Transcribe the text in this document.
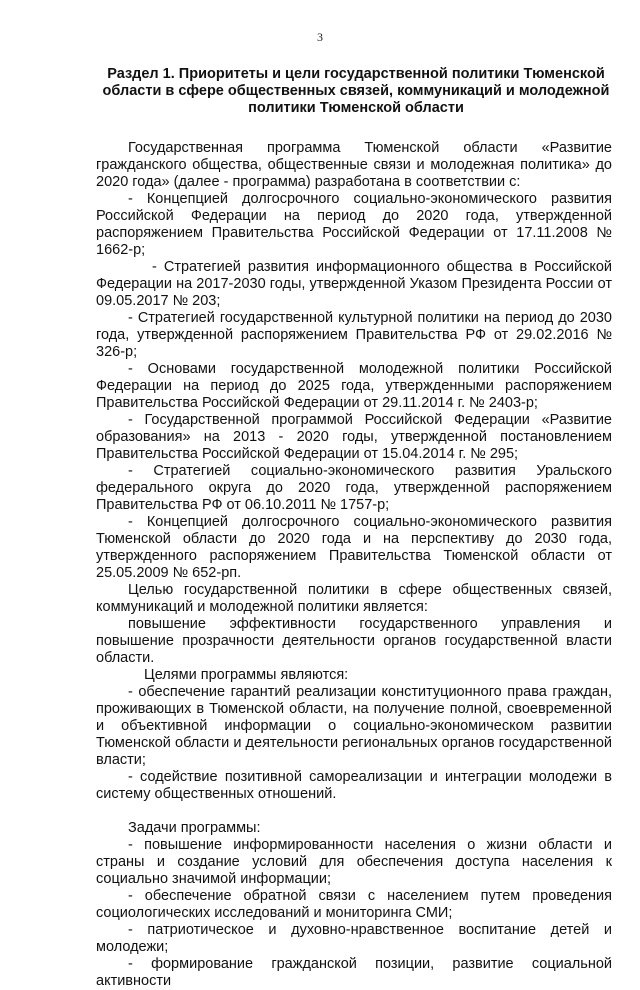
3
Раздел 1. Приоритеты и цели государственной политики Тюменской области в сфере общественных связей, коммуникаций и молодежной политики Тюменской области

Государственная программа Тюменской области «Развитие гражданского общества, общественные связи и молодежная политика» до 2020 года» (далее - программа) разработана в соответствии с:

- Концепцией долгосрочного социально-экономического развития Российской Федерации на период до 2020 года, утвержденной распоряжением Правительства Российской Федерации от 17.11.2008 № 1662-р;

- Стратегией развития информационного общества в Российской Федерации на 2017-2030 годы, утвержденной Указом Президента России от 09.05.2017 № 203;

- Стратегией государственной культурной политики на период до 2030 года, утвержденной распоряжением Правительства РФ от 29.02.2016 № 326-р;

- Основами государственной молодежной политики Российской Федерации на период до 2025 года, утвержденными распоряжением Правительства Российской Федерации от 29.11.2014 г. № 2403-р;

- Государственной программой Российской Федерации «Развитие образования» на 2013 - 2020 годы, утвержденной постановлением Правительства Российской Федерации от 15.04.2014 г. № 295;

- Стратегией социально-экономического развития Уральского федерального округа до 2020 года, утвержденной распоряжением Правительства РФ от 06.10.2011 № 1757-р;

- Концепцией долгосрочного социально-экономического развития Тюменской области до 2020 года и на перспективу до 2030 года, утвержденного распоряжением Правительства Тюменской области от 25.05.2009 № 652-рп.

Целью государственной политики в сфере общественных связей, коммуникаций и молодежной политики является:

повышение эффективности государственного управления и повышение прозрачности деятельности органов государственной власти области.

Целями программы являются:

- обеспечение гарантий реализации конституционного права граждан, проживающих в Тюменской области, на получение полной, своевременной и объективной информации о социально-экономическом развитии Тюменской области и деятельности региональных органов государственной власти;

- содействие позитивной самореализации и интеграции молодежи в систему общественных отношений.

Задачи программы:

- повышение информированности населения о жизни области и страны и создание условий для обеспечения доступа населения к социально значимой информации;

- обеспечение обратной связи с населением путем проведения социологических исследований и мониторинга СМИ;

- патриотическое и духовно-нравственное воспитание детей и молодежи;

- формирование гражданской позиции, развитие социальной активности
